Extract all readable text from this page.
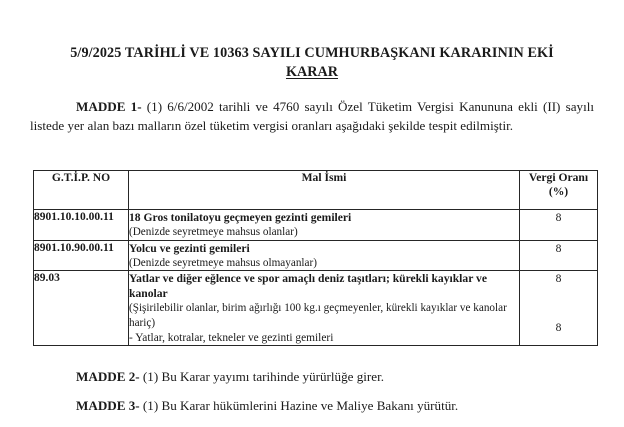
5/9/2025 TARİHLİ VE 10363 SAYILI CUMHURBAŞKANI KARARININ EKİ
KARAR

MADDE 1- (1) 6/6/2002 tarihli ve 4760 sayılı Özel Tüketim Vergisi Kanununa ekli (II) sayılı listede yer alan bazı malların özel tüketim vergisi oranları aşağıdaki şekilde tespit edilmiştir.

G.T.İ.P. NO	Mal İsmi	Vergi Oranı
(%)
8901.10.10.00.11	18 Gros tonilatoyu geçmeyen gezinti gemileri
(Denizde seyretmeye mahsus olanlar)	8
8901.10.90.00.11	Yolcu ve gezinti gemileri
(Denizde seyretmeye mahsus olmayanlar)	8
89.03	Yatlar ve diğer eğlence ve spor amaçlı deniz taşıtları; kürekli kayıklar ve kanolar
(Şişirilebilir olanlar, birim ağırlığı 100 kg.ı geçmeyenler, kürekli kayıklar ve kanolar hariç)
- Yatlar, kotralar, tekneler ve gezinti gemileri	8
8

MADDE 2- (1) Bu Karar yayımı tarihinde yürürlüğe girer.

MADDE 3- (1) Bu Karar hükümlerini Hazine ve Maliye Bakanı yürütür.
